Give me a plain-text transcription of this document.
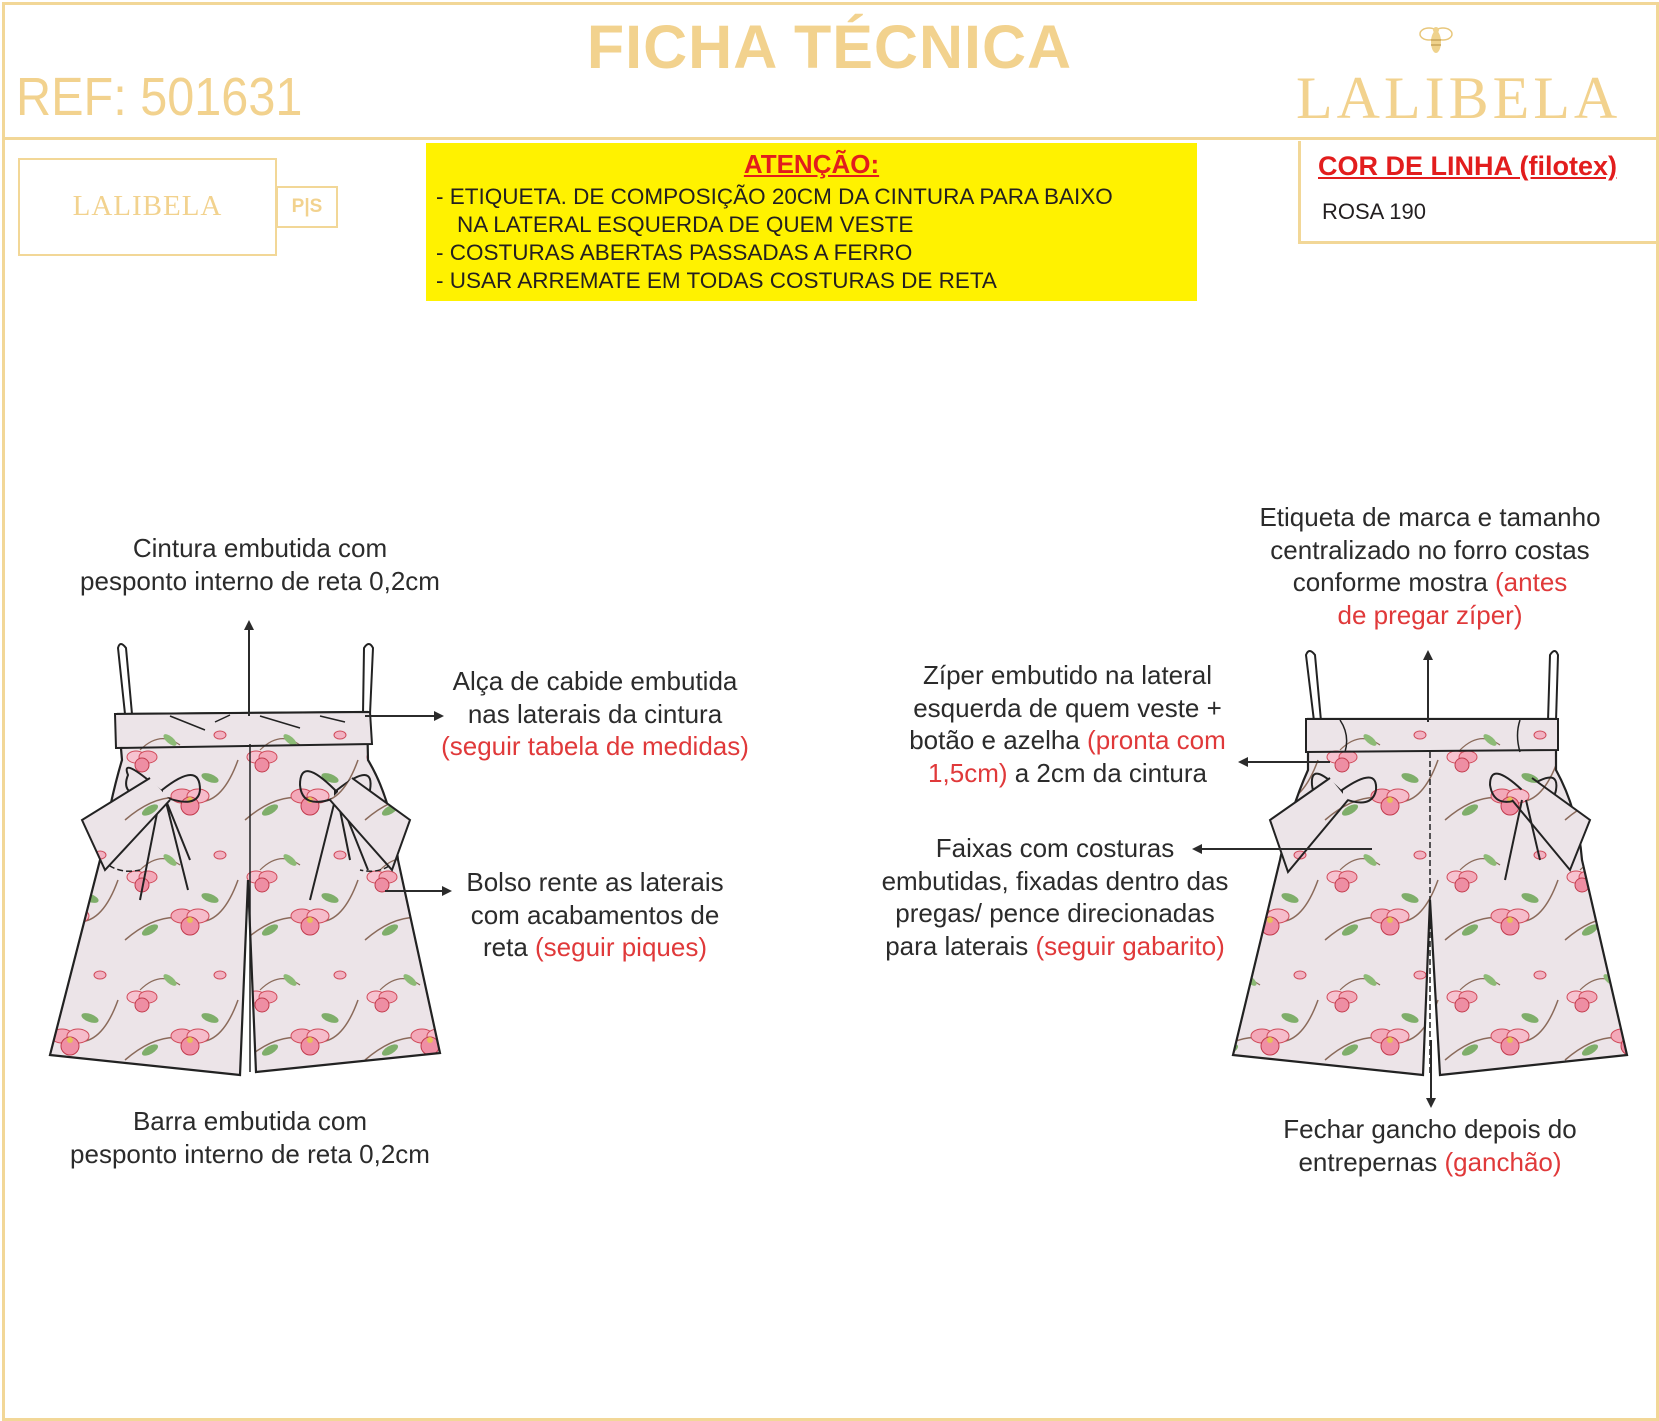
FICHA TÉCNICA
REF: 501631	LALIBELA
LALIBELA	P|S
ATENÇÃO:
- ETIQUETA. DE COMPOSIÇÃO 20CM DA CINTURA PARA BAIXO
NA LATERAL ESQUERDA DE QUEM VESTE
- COSTURAS ABERTAS PASSADAS A FERRO
- USAR ARREMATE EM TODAS COSTURAS DE RETA
COR DE LINHA (filotex)
ROSA 190
Cintura embutida com
pesponto interno de reta 0,2cm
Alça de cabide embutida
nas laterais da cintura
(seguir tabela de medidas)
Bolso rente as laterais
com acabamentos de
reta (seguir piques)
Barra embutida com
pesponto interno de reta 0,2cm
Etiqueta de marca e tamanho
centralizado no forro costas
conforme mostra (antes
de pregar zíper)
Zíper embutido na lateral
esquerda de quem veste +
botão e azelha (pronta com
1,5cm) a 2cm da cintura
Faixas com costuras
embutidas, fixadas dentro das
pregas/ pence direcionadas
para laterais (seguir gabarito)
Fechar gancho depois do
entrepernas (ganchão)
